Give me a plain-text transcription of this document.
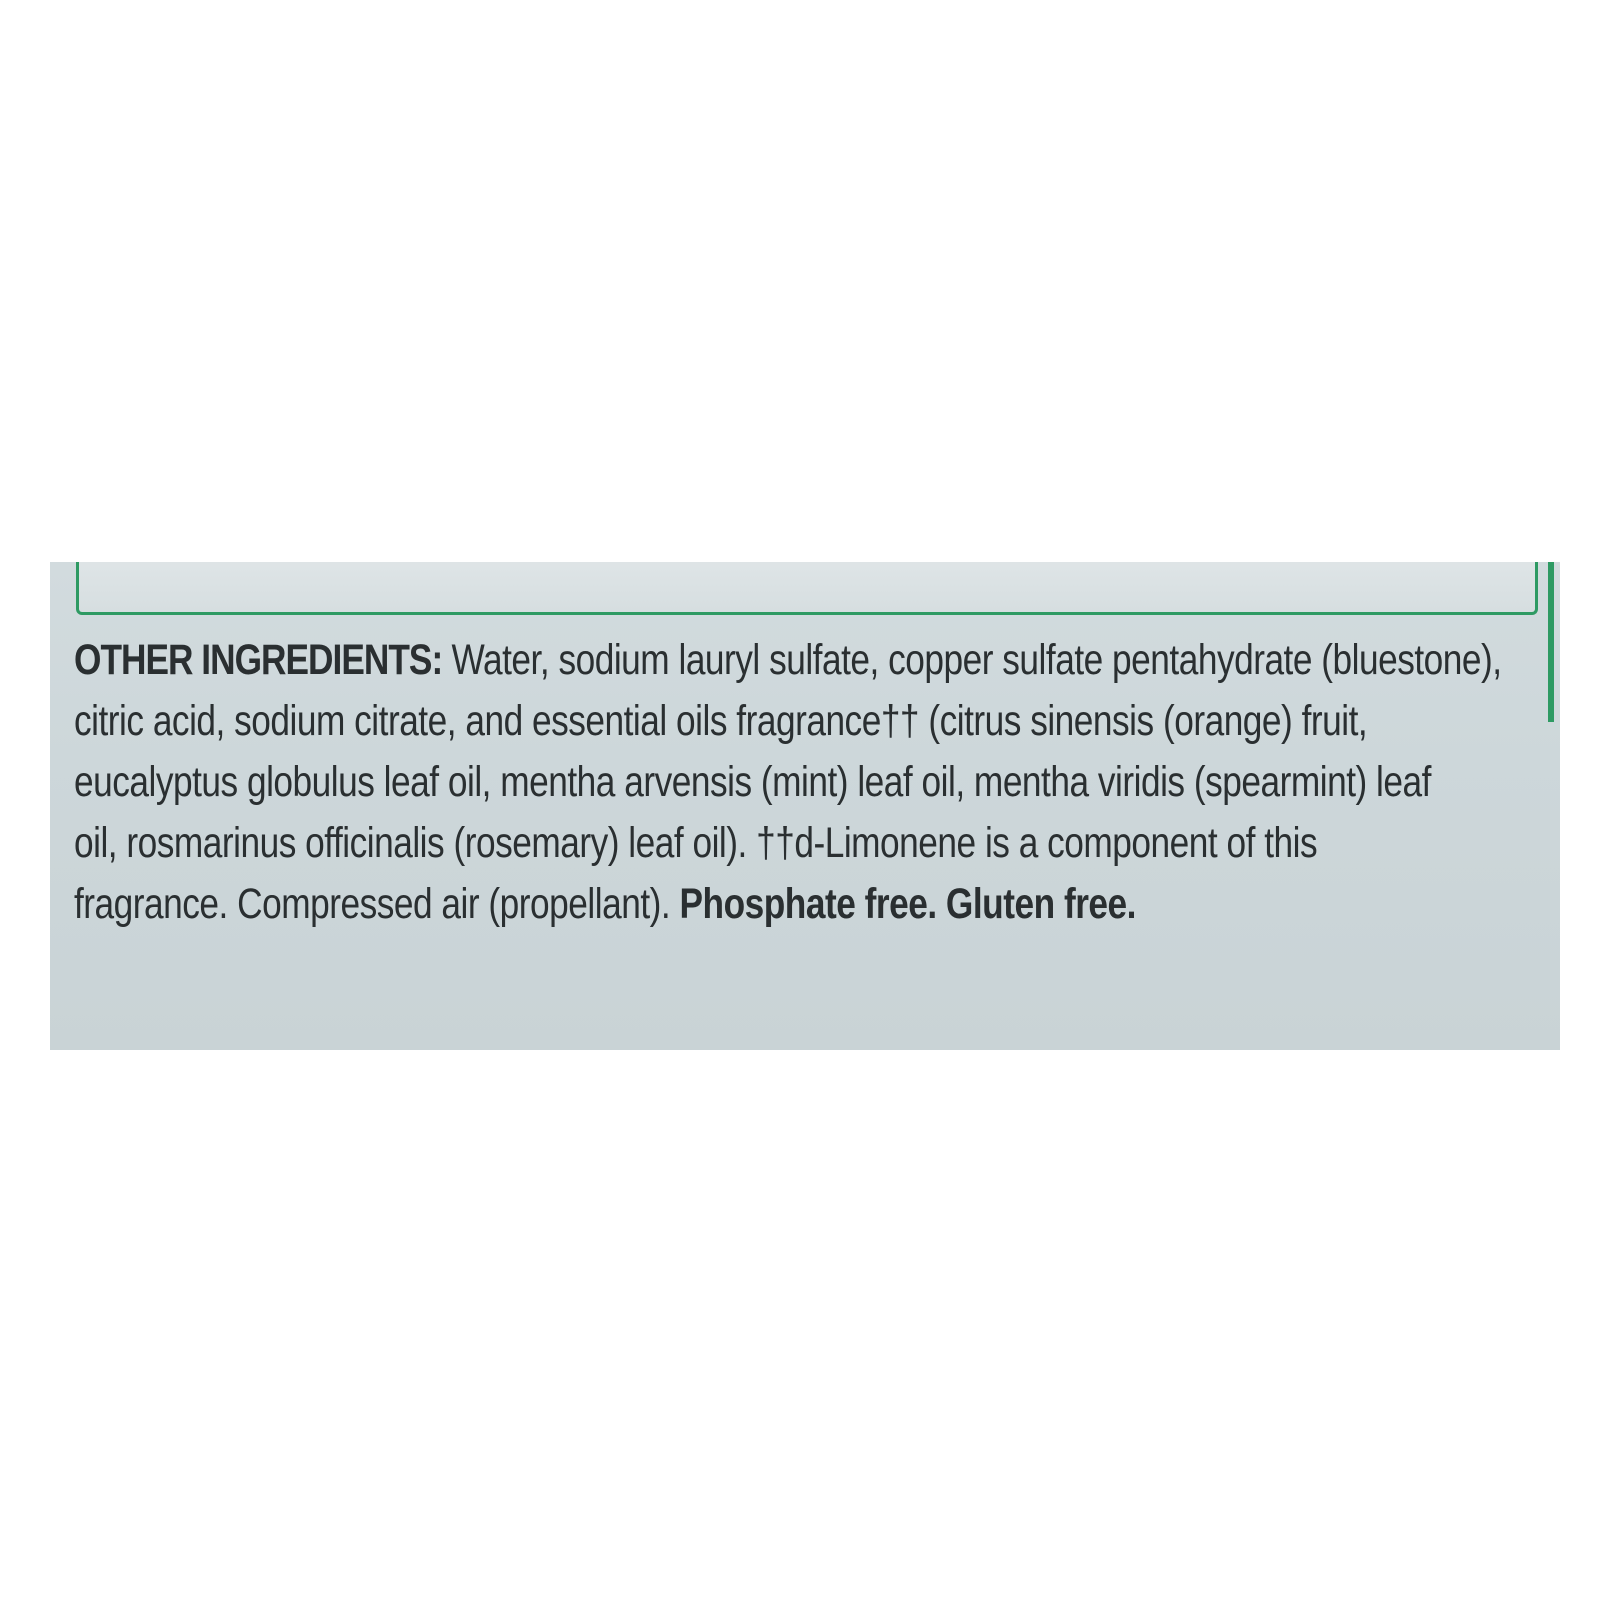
OTHER INGREDIENTS: Water, sodium lauryl sulfate, copper sulfate pentahydrate (bluestone),
citric acid, sodium citrate, and essential oils fragrance†† (citrus sinensis (orange) fruit,
eucalyptus globulus leaf oil, mentha arvensis (mint) leaf oil, mentha viridis (spearmint) leaf
oil, rosmarinus officinalis (rosemary) leaf oil). ††d-Limonene is a component of this
fragrance. Compressed air (propellant). Phosphate free. Gluten free.
